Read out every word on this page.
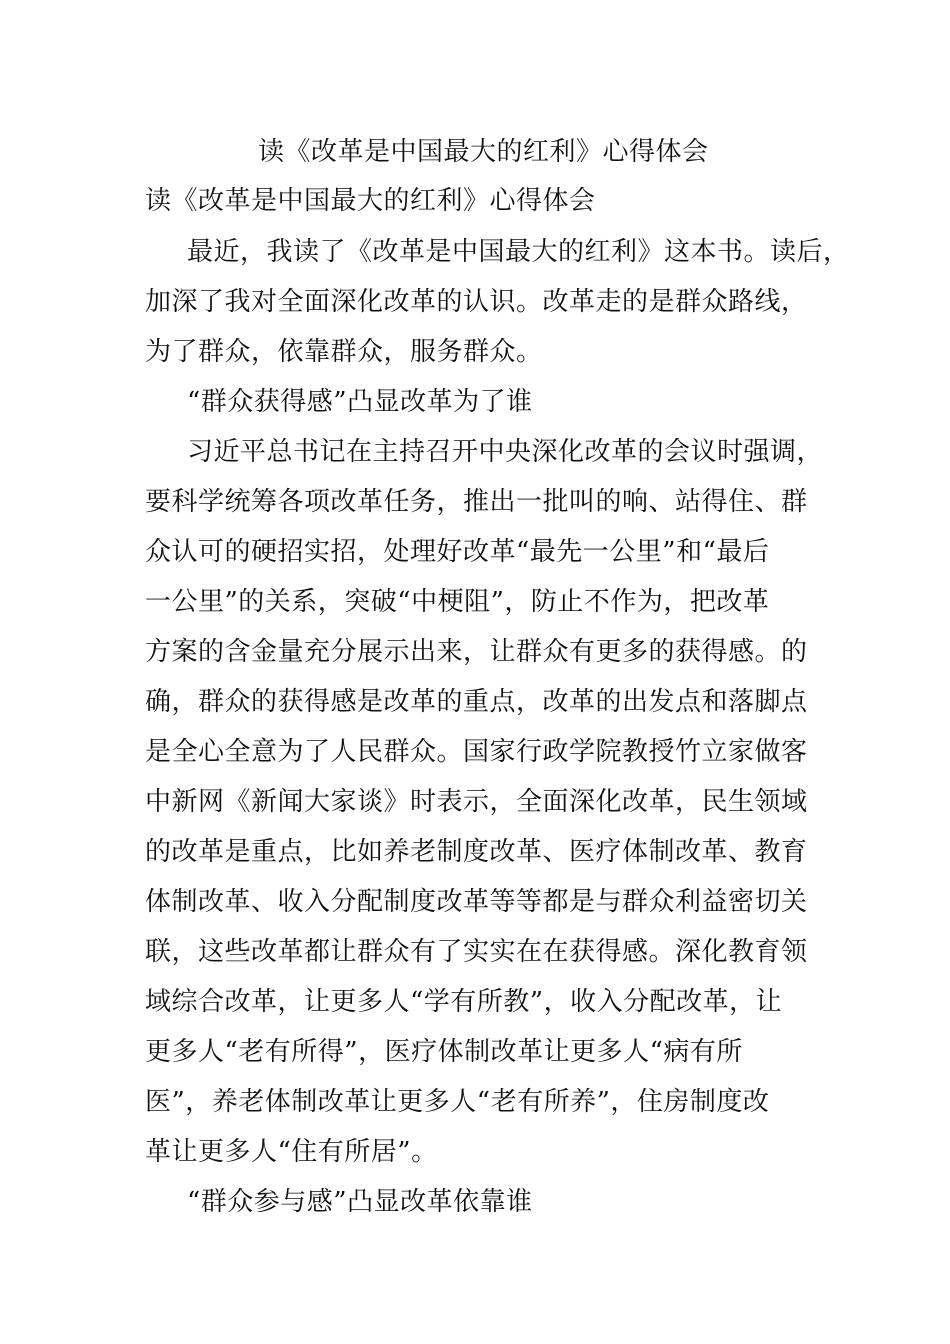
读《改革是中国最大的红利》心得体会
读《改革是中国最大的红利》心得体会
最近，我读了《改革是中国最大的红利》这本书。读后，
加深了我对全面深化改革的认识。改革走的是群众路线，
为了群众，依靠群众，服务群众。
“群众获得感”凸显改革为了谁
习近平总书记在主持召开中央深化改革的会议时强调，
要科学统筹各项改革任务，推出一批叫的响、站得住、群
众认可的硬招实招，处理好改革“最先一公里”和“最后
一公里”的关系，突破“中梗阻”，防止不作为，把改革
方案的含金量充分展示出来，让群众有更多的获得感。的
确，群众的获得感是改革的重点，改革的出发点和落脚点
是全心全意为了人民群众。国家行政学院教授竹立家做客
中新网《新闻大家谈》时表示，全面深化改革，民生领域
的改革是重点，比如养老制度改革、医疗体制改革、教育
体制改革、收入分配制度改革等等都是与群众利益密切关
联，这些改革都让群众有了实实在在获得感。深化教育领
域综合改革，让更多人“学有所教”，收入分配改革，让
更多人“老有所得”，医疗体制改革让更多人“病有所
医”，养老体制改革让更多人“老有所养”，住房制度改
革让更多人“住有所居”。
“群众参与感”凸显改革依靠谁
